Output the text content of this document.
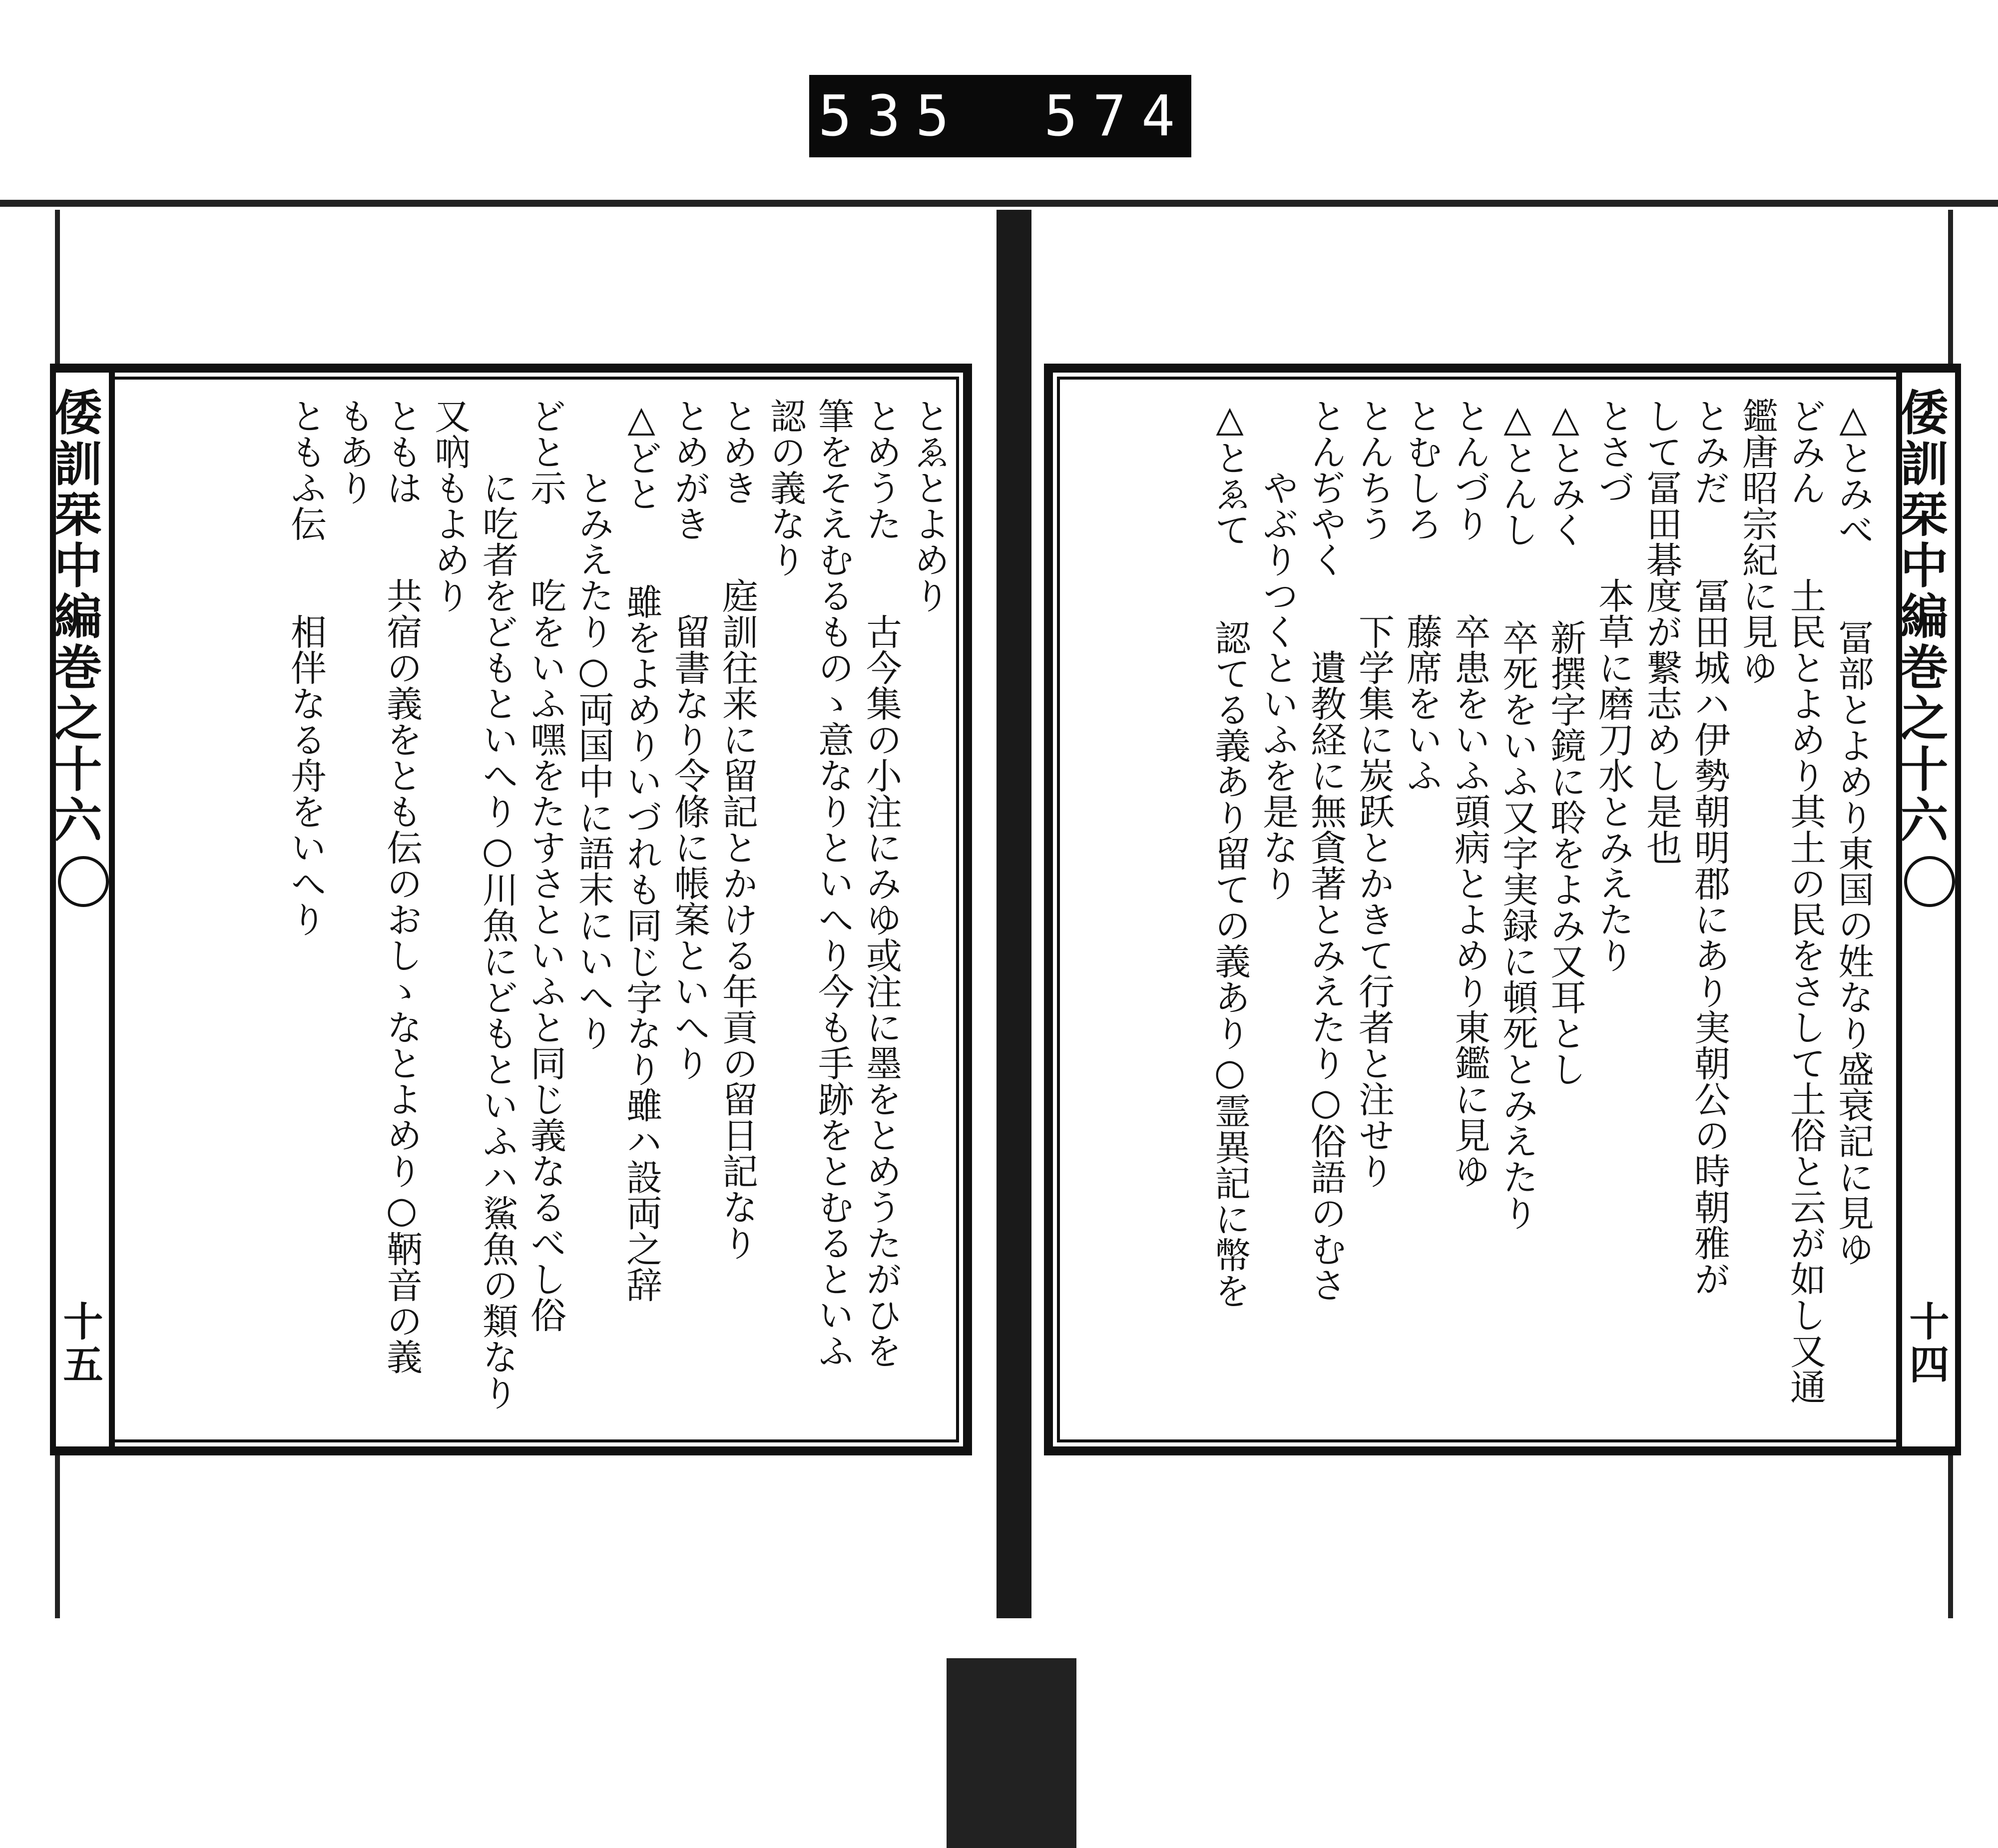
535 574
倭訓栞
中編巻之十六
十五
とゑとよめり
とめうた　　古今集の小注にみゆ或注に墨をとめうたがひを
筆をそえむるものゝ意なりといへり今も手跡をとむるといふ
認の義なり
とめき　　庭訓往来に留記とかける年貢の留日記なり
とめがき　　留書なり令條に帳案といへり
△どと　　雖をよめりいづれも同じ字なり雖ハ設両之辞
　　とみえたり○両国中に語末にいへり
どと示　　吃をいふ嘿をたすさといふと同じ義なるべし俗
　　に吃者をどもといへり○川魚にどもといふハ鯊魚の類なり
又吶もよめり
ともは　　共宿の義をとも伝のおしゝなとよめり○鞆音の義
もあり
ともふ伝　　相伴なる舟をいへり	倭訓栞
中編巻之十六
十四
△とみべ　　冨部とよめり東国の姓なり盛衰記に見ゆ
どみん　　土民とよめり其土の民をさして土俗と云が如し又通
鑑唐昭宗紀に見ゆ
とみだ　　冨田城ハ伊勢朝明郡にあり実朝公の時朝雅が
して冨田碁度が繋志めし是也
とさづ　　本草に磨刀水とみえたり
△とみく　　新撰字鏡に聆をよみ又耳とし
△とんし　　卒死をいふ又字実録に頓死とみえたり
とんづり　　卒患をいふ頭病とよめり東鑑に見ゆ
とむしろ　　藤席をいふ
とんちう　　下学集に炭跃とかきて行者と注せり
とんぢやく　　遺教経に無貪著とみえたり○俗語のむさ
　　やぶりつくといふを是なり
△とゑて　　認てる義あり留ての義あり○霊異記に幣を
